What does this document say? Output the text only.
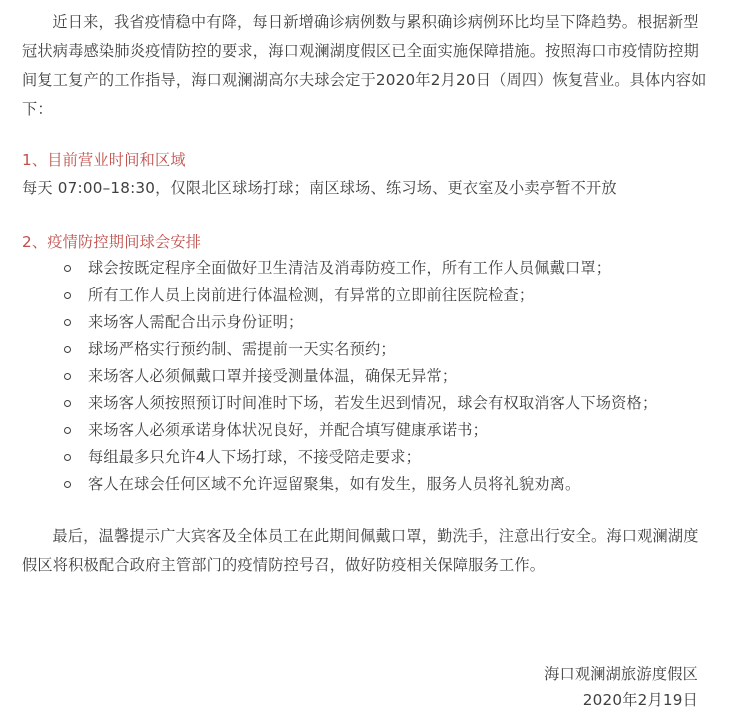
近日来，我省疫情稳中有降，每日新增确诊病例数与累积确诊病例环比均呈下降趋势。根据新型冠状病毒感染肺炎疫情防控的要求，海口观澜湖度假区已全面实施保障措施。按照海口市疫情防控期间复工复产的工作指导，海口观澜湖高尔夫球会定于2020年2月20日（周四）恢复营业。具体内容如下：

1、目前营业时间和区域

每天 07:00–18:30，仅限北区球场打球；南区球场、练习场、更衣室及小卖亭暂不开放

2、疫情防控期间球会安排

球会按既定程序全面做好卫生清洁及消毒防疫工作，所有工作人员佩戴口罩；
所有工作人员上岗前进行体温检测，有异常的立即前往医院检查；
来场客人需配合出示身份证明；
球场严格实行预约制、需提前一天实名预约；
来场客人必须佩戴口罩并接受测量体温，确保无异常；
来场客人须按照预订时间准时下场，若发生迟到情况，球会有权取消客人下场资格；
来场客人必须承诺身体状况良好，并配合填写健康承诺书；
每组最多只允许4人下场打球，不接受陪走要求；
客人在球会任何区域不允许逗留聚集，如有发生，服务人员将礼貌劝离。

最后，温馨提示广大宾客及全体员工在此期间佩戴口罩，勤洗手，注意出行安全。海口观澜湖度假区将积极配合政府主管部门的疫情防控号召，做好防疫相关保障服务工作。

海口观澜湖旅游度假区

2020年2月19日
